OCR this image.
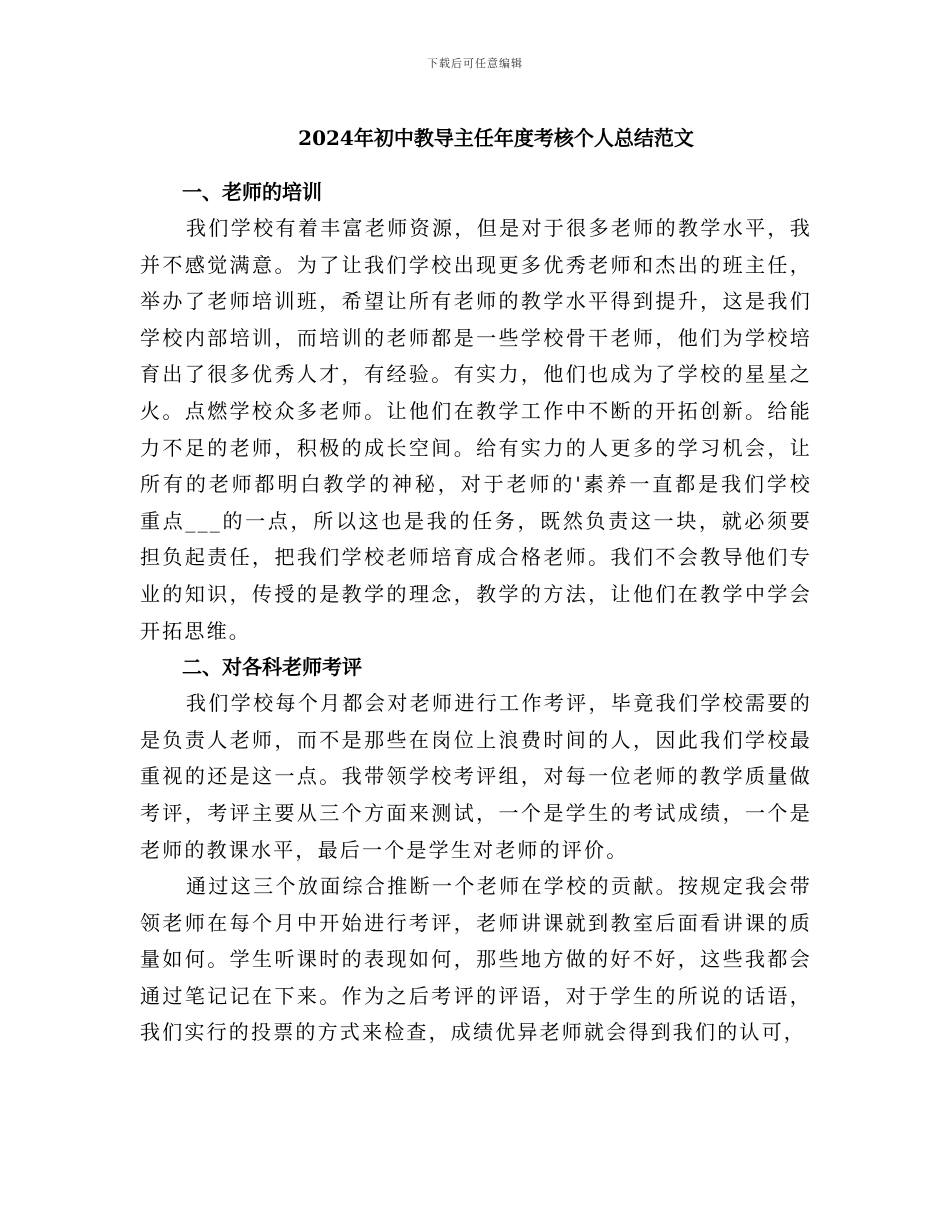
下载后可任意编辑
2024年初中教导主任年度考核个人总结范文
一、老师的培训

我们学校有着丰富老师资源，但是对于很多老师的教学水平，我并不感觉满意。为了让我们学校出现更多优秀老师和杰出的班主任，举办了老师培训班，希望让所有老师的教学水平得到提升，这是我们学校内部培训，而培训的老师都是一些学校骨干老师，他们为学校培育出了很多优秀人才，有经验。有实力，他们也成为了学校的星星之火。点燃学校众多老师。让他们在教学工作中不断的开拓创新。给能力不足的老师，积极的成长空间。给有实力的人更多的学习机会，让所有的老师都明白教学的神秘，对于老师的'素养一直都是我们学校重点___的一点，所以这也是我的任务，既然负责这一块，就必须要担负起责任，把我们学校老师培育成合格老师。我们不会教导他们专业的知识，传授的是教学的理念，教学的方法，让他们在教学中学会开拓思维。

二、对各科老师考评

我们学校每个月都会对老师进行工作考评，毕竟我们学校需要的是负责人老师，而不是那些在岗位上浪费时间的人，因此我们学校最重视的还是这一点。我带领学校考评组，对每一位老师的教学质量做考评，考评主要从三个方面来测试，一个是学生的考试成绩，一个是老师的教课水平，最后一个是学生对老师的评价。

通过这三个放面综合推断一个老师在学校的贡献。按规定我会带领老师在每个月中开始进行考评，老师讲课就到教室后面看讲课的质量如何。学生听课时的表现如何，那些地方做的好不好，这些我都会通过笔记记在下来。作为之后考评的评语，对于学生的所说的话语，我们实行的投票的方式来检查，成绩优异老师就会得到我们的认可，
